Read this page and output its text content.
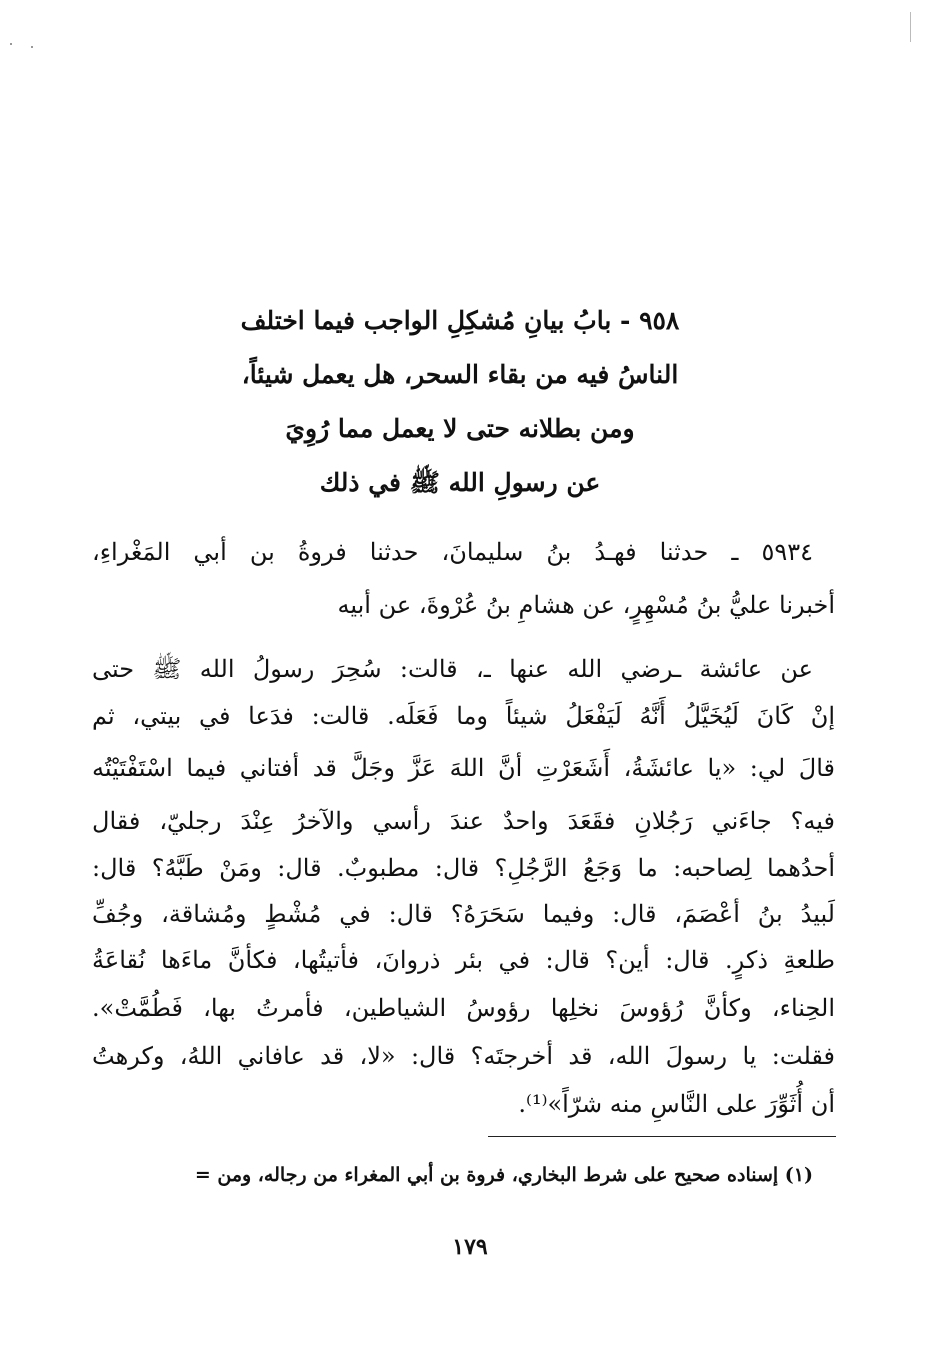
٩٥٨ - بابُ بيانِ مُشكِلِ الواجب فيما اختلف
الناسُ فيه من بقاء السحر، هل يعمل شيئاً،
ومن بطلانه حتى لا يعمل مما رُوِيَ
عن رسولِ الله ﷺ في ذلك
٥٩٣٤ ـ حدثنا فهـدُ بنُ سليمانَ، حدثنا فروةُ بن أبي المَغْراءِ،
أخبرنا عليُّ بنُ مُسْهِرٍ، عن هشامِ بنُ عُرْوةَ، عن أبيه
عن عائشة ـرضي الله عنها ـ، قالت: سُحِرَ رسولُ الله ﷺ حتى
إنْ كَانَ لَيُخَيَّلُ أَنَّهُ لَيَفْعَلُ شيئاً وما فَعَلَه. قالت: فدَعا في بيتي، ثم
قالَ لي: «يا عائشَةُ، أَشَعَرْتِ أنَّ اللهَ عَزَّ وجَلَّ قد أفتاني فيما اسْتَفْتَيْتُه
فيه؟ جاءَني رَجُلانِ فقَعَدَ واحدٌ عندَ رأسي والآخرُ عِنْدَ رجليّ، فقال
أحدُهما لِصاحبه: ما وَجَعُ الرَّجُلِ؟ قال: مطبوبٌ. قال: ومَنْ طَبَّهُ؟ قال:
لَبيدُ بنُ أعْصَمَ، قال: وفيما سَحَرَهُ؟ قال: في مُشْطٍ ومُشاقة، وجُفِّ
طلعةِ ذكرٍ. قال: أين؟ قال: في بئر ذروانَ، فأتيتُها، فكأنَّ ماءَها نُقاعَةُ
الحِناء، وكأنَّ رُؤوسَ نخلِها رؤوسُ الشياطين، فأمرتُ بها، فَطُمَّتْ».
فقلت: يا رسولَ الله، قد أخرجتَه؟ قال: «لا، قد عافاني اللهُ، وكرهتُ
أن أُثَوِّرَ على النَّاسِ منه شرّاً»⁽¹⁾.
(١) إسناده صحيح على شرط البخاري، فروة بن أبي المغراء من رجاله، ومن =
١٧٩
